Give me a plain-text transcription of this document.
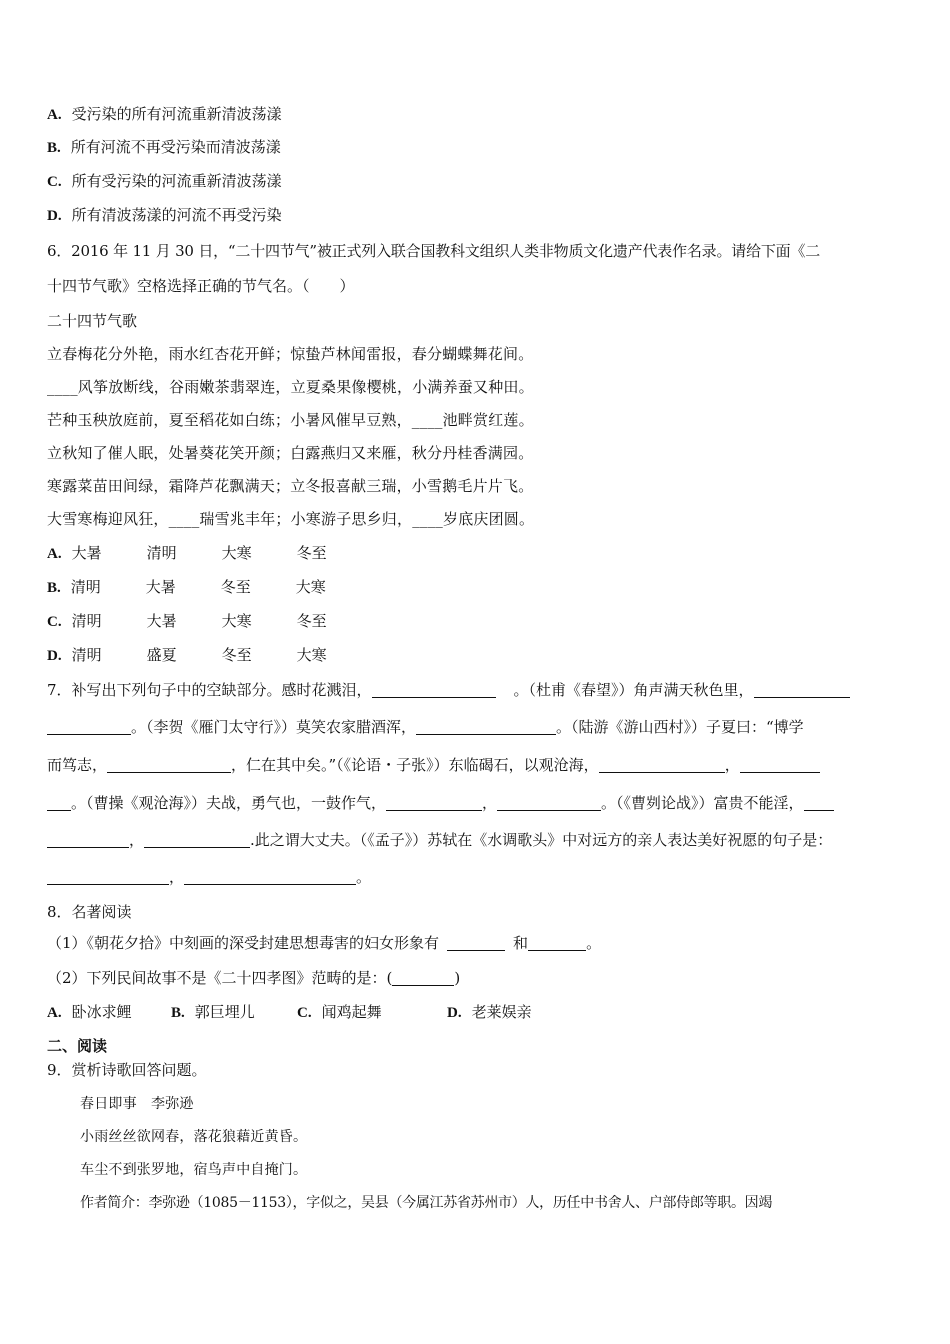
A. 受污染的所有河流重新清波荡漾
B. 所有河流不再受污染而清波荡漾
C. 所有受污染的河流重新清波荡漾
D. 所有清波荡漾的河流不再受污染
6．2016 年 11 月 30 日，“二十四节气”被正式列入联合国教科文组织人类非物质文化遗产代表作名录。请给下面《二
十四节气歌》空格选择正确的节气名。（　　）
二十四节气歌
立春梅花分外艳，雨水红杏花开鲜；惊蛰芦林闻雷报，春分蝴蝶舞花间。
____风筝放断线，谷雨嫩茶翡翠连，立夏桑果像樱桃，小满养蚕又种田。
芒种玉秧放庭前，夏至稻花如白练；小暑风催早豆熟，____池畔赏红莲。
立秋知了催人眠，处暑葵花笑开颜；白露燕归又来雁，秋分丹桂香满园。
寒露菜苗田间绿，霜降芦花飘满天；立冬报喜献三瑞，小雪鹅毛片片飞。
大雪寒梅迎风狂，____瑞雪兆丰年；小寒游子思乡归，____岁底庆团圆。
A. 大暑	清明	大寒	冬至
B. 清明	大暑	冬至	大寒
C. 清明	大暑	大寒	冬至
D. 清明	盛夏	冬至	大寒
7．补写出下列句子中的空缺部分。感时花溅泪，	。（杜甫《春望》）角声满天秋色里，
。（李贺《雁门太守行》）莫笑农家腊酒浑，	。（陆游《游山西村》）子夏曰：“博学
而笃志，	，仁在其中矣。”（《论语・子张》）东临碣石，以观沧海，	，
。（曹操《观沧海》）夫战，勇气也，一鼓作气，	，	。（《曹刿论战》）富贵不能淫，
，	.此之谓大丈夫。（《孟子》）苏轼在《水调歌头》中对远方的亲人表达美好祝愿的句子是：
，	。
8．名著阅读
（1）《朝花夕拾》中刻画的深受封建思想毒害的妇女形象有	和	。
（2）下列民间故事不是《二十四孝图》范畴的是：(	)
A. 卧冰求鲤	B. 郭巨埋儿	C. 闻鸡起舞	D. 老莱娱亲
二、阅读
9．赏析诗歌回答问题。
春日即事　李弥逊
小雨丝丝欲网春，落花狼藉近黄昏。
车尘不到张罗地，宿鸟声中自掩门。
作者简介：李弥逊（1085－1153），字似之，吴县（今属江苏省苏州市）人，历任中书舍人、户部侍郎等职。因竭
